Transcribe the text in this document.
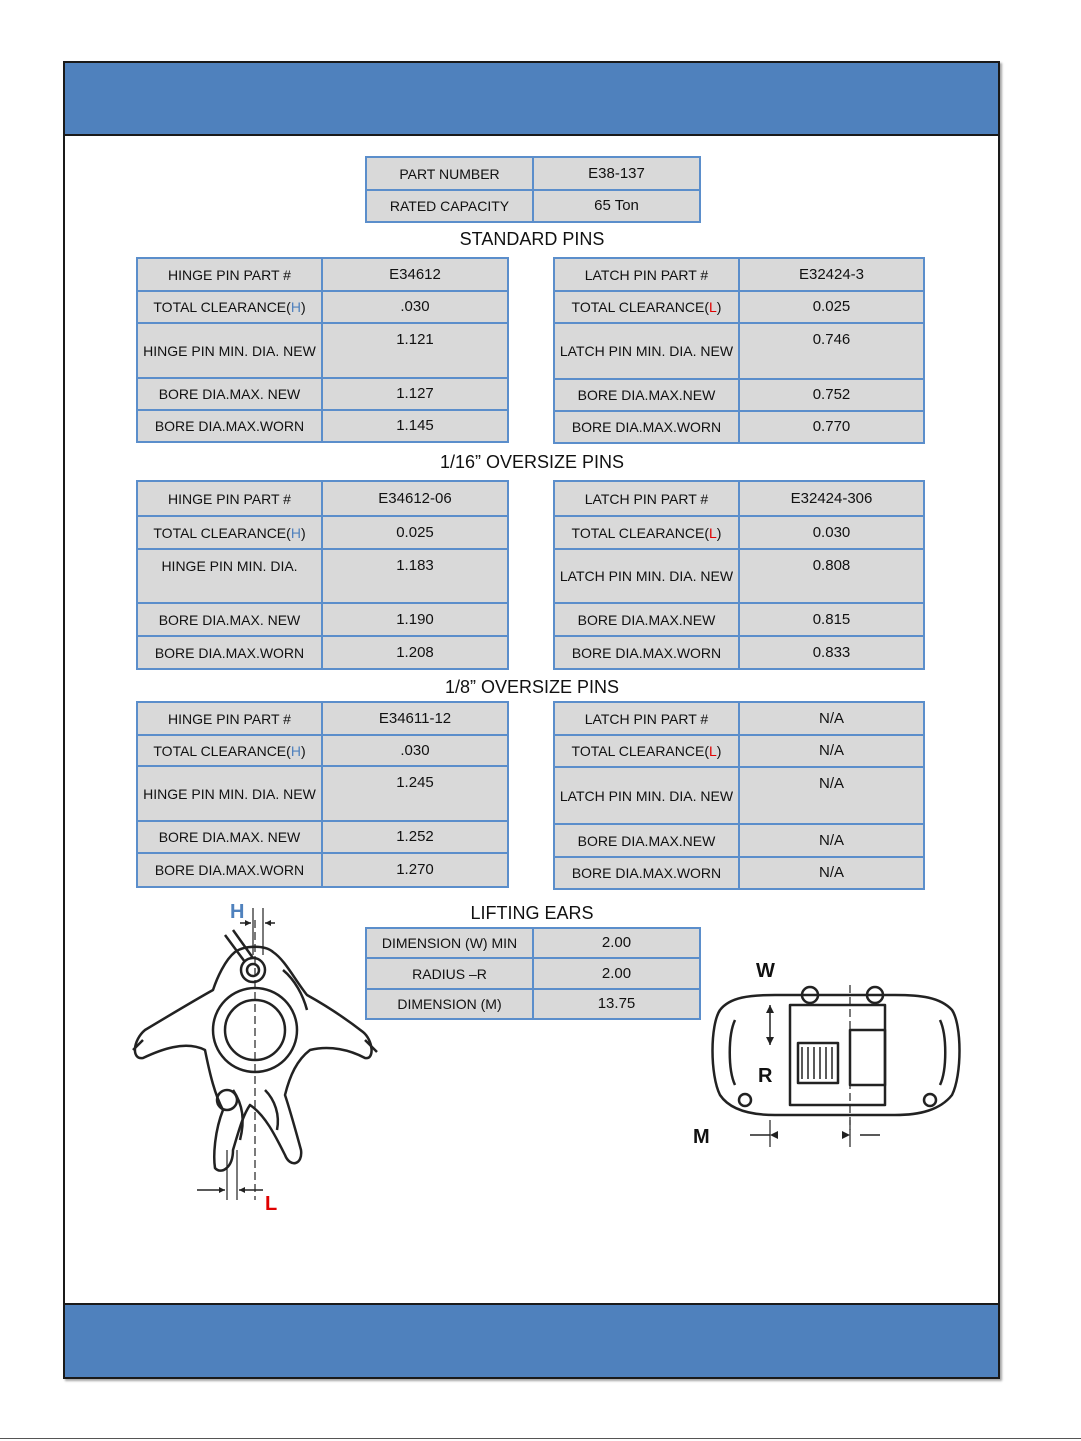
PART NUMBER	E38-137
RATED CAPACITY	65 Ton
STANDARD PINS
HINGE PIN PART #	E34612
TOTAL CLEARANCE(H)	.030
HINGE PIN MIN. DIA. NEW	1.121
BORE DIA.MAX. NEW	1.127
BORE DIA.MAX.WORN	1.145
LATCH PIN PART #	E32424-3
TOTAL CLEARANCE(L)	0.025
LATCH PIN MIN. DIA. NEW	0.746
BORE DIA.MAX.NEW	0.752
BORE DIA.MAX.WORN	0.770
1/16” OVERSIZE PINS
HINGE PIN PART #	E34612-06
TOTAL CLEARANCE(H)	0.025
HINGE PIN MIN. DIA.	1.183
BORE DIA.MAX. NEW	1.190
BORE DIA.MAX.WORN	1.208
LATCH PIN PART #	E32424-306
TOTAL CLEARANCE(L)	0.030
LATCH PIN MIN. DIA. NEW	0.808
BORE DIA.MAX.NEW	0.815
BORE DIA.MAX.WORN	0.833
1/8” OVERSIZE PINS
HINGE PIN PART #	E34611-12
TOTAL CLEARANCE(H)	.030
HINGE PIN MIN. DIA. NEW	1.245
BORE DIA.MAX. NEW	1.252
BORE DIA.MAX.WORN	1.270
LATCH PIN PART #	N/A
TOTAL CLEARANCE(L)	N/A
LATCH PIN MIN. DIA. NEW	N/A
BORE DIA.MAX.NEW	N/A
BORE DIA.MAX.WORN	N/A
LIFTING EARS
DIMENSION (W) MIN	2.00
RADIUS –R	2.00
DIMENSION (M)	13.75
H
L
W
R
M
